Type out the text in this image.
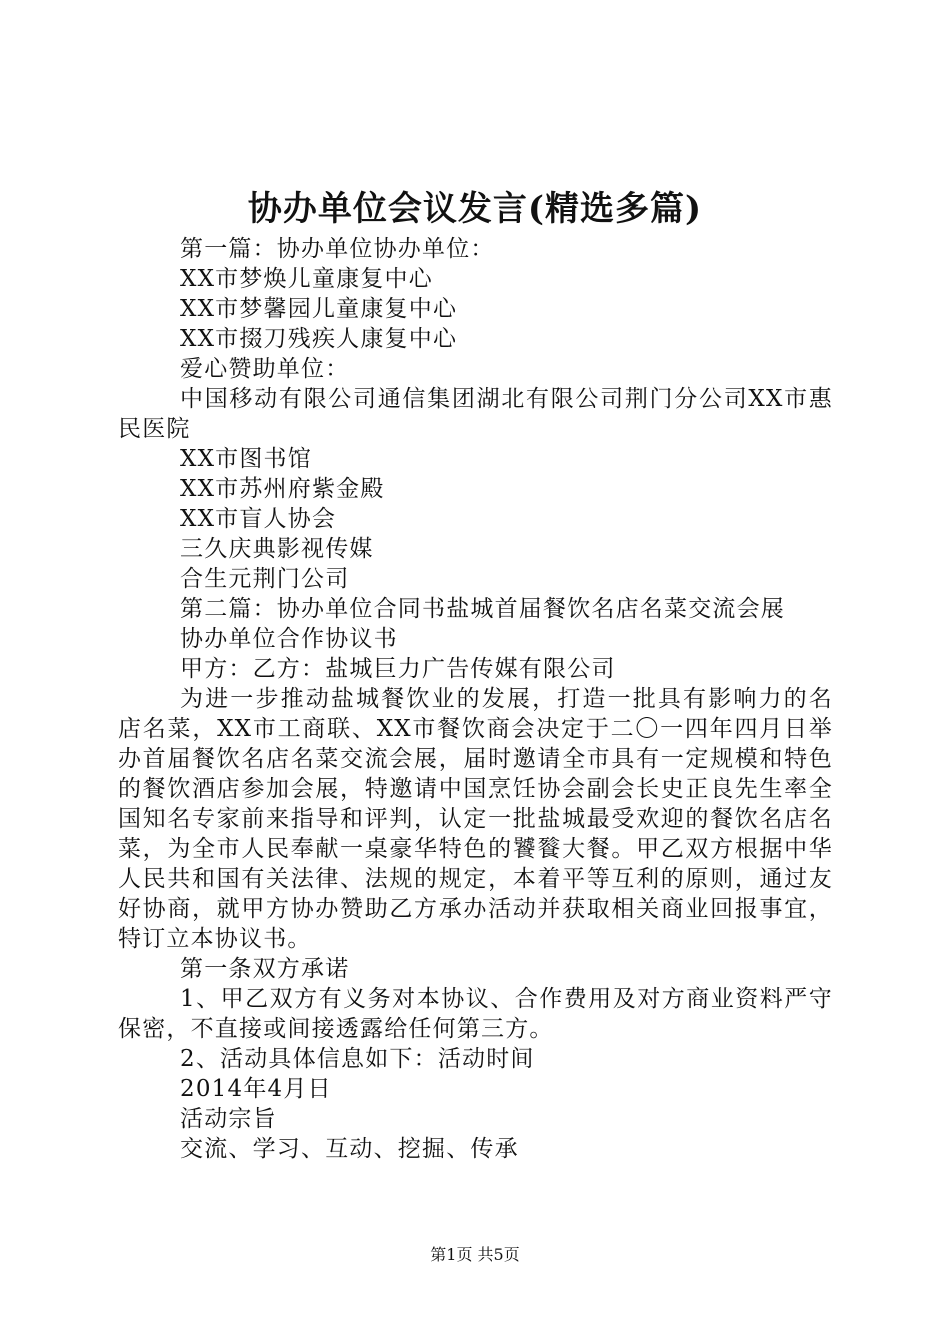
协办单位会议发言(精选多篇)
第一篇：协办单位协办单位：
XX市梦焕儿童康复中心
XX市梦馨园儿童康复中心
XX市掇刀残疾人康复中心
爱心赞助单位：

中国移动有限公司通信集团湖北有限公司荆门分公司XX市惠民医院

XX市图书馆
XX市苏州府紫金殿
XX市盲人协会
三久庆典影视传媒
合生元荆门公司
第二篇：协办单位合同书盐城首届餐饮名店名菜交流会展
协办单位合作协议书
甲方：乙方：盐城巨力广告传媒有限公司

为进一步推动盐城餐饮业的发展，打造一批具有影响力的名店名菜，XX市工商联、XX市餐饮商会决定于二〇一四年四月日举办首届餐饮名店名菜交流会展，届时邀请全市具有一定规模和特色的餐饮酒店参加会展，特邀请中国烹饪协会副会长史正良先生率全国知名专家前来指导和评判，认定一批盐城最受欢迎的餐饮名店名菜，为全市人民奉献一桌豪华特色的饕餮大餐。甲乙双方根据中华人民共和国有关法律、法规的规定，本着平等互利的原则，通过友好协商，就甲方协办赞助乙方承办活动并获取相关商业回报事宜，特订立本协议书。

第一条双方承诺

1、甲乙双方有义务对本协议、合作费用及对方商业资料严守保密，不直接或间接透露给任何第三方。

2、活动具体信息如下：活动时间
2014年4月日
活动宗旨
交流、学习、互动、挖掘、传承
第1页 共5页
